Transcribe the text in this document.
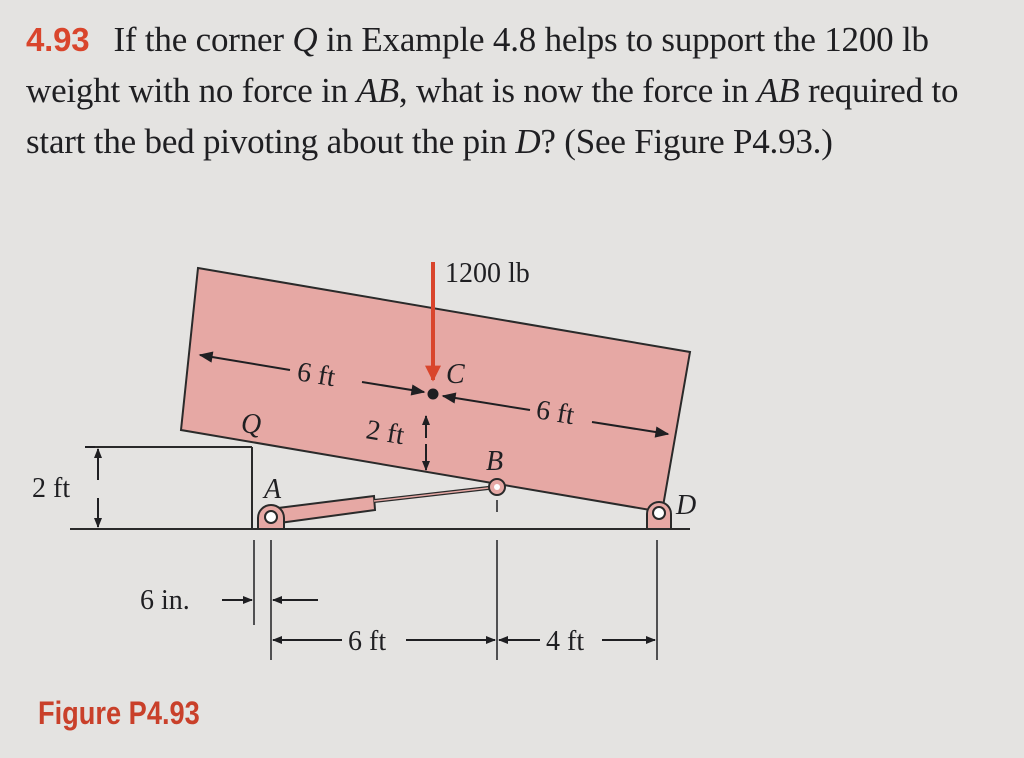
4.93 If the corner Q in Example 4.8 helps to support the 1200 lb weight with no force in AB, what is now the force in AB required to start the bed pivoting about the pin D? (See Figure P4.93.)
1200 lb
C
Q
A
B
D
6 ft
6 ft
2 ft
2 ft
6 in.
6 ft	4 ft
Figure P4.93
